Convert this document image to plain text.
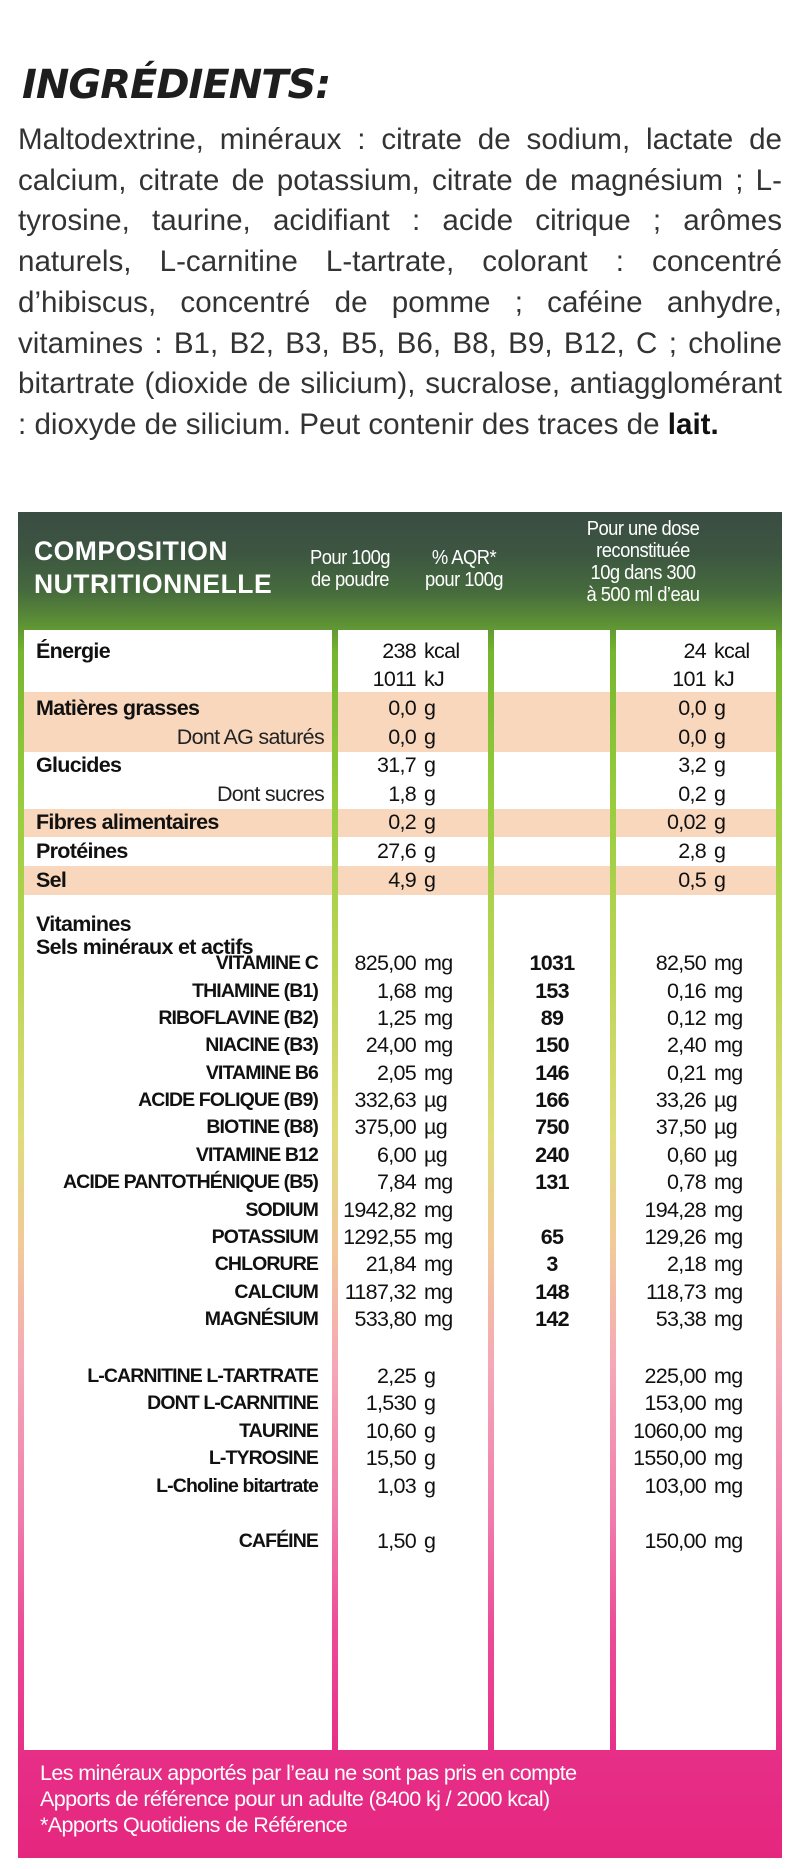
INGRÉDIENTS:

Maltodextrine, minéraux : citrate de sodium, lactate de calcium, citrate de potassium, citrate de magnésium ; L-tyrosine, taurine, acidifiant : acide citrique ; arômes naturels, L-carnitine L-tartrate, colorant : concentré d’hibiscus, concentré de pomme ; caféine anhydre, vitamines : B1, B2, B3, B5, B6, B8, B9, B12, C ; choline bitartrate (dioxide de silicium), sucralose, antiagglomérant : dioxyde de silicium. Peut contenir des traces de lait.

COMPOSITION
NUTRITIONNELLE
Pour 100g
de poudre
% AQR*
pour 100g
Pour une dose
reconstituée
10g dans 300
à 500 ml d’eau
Vitamines
Sels minéraux et actifs
Énergie
Matières grasses
Dont AG saturés
Glucides
Dont sucres
Fibres alimentaires
Protéines
Sel
VITAMINE C
THIAMINE (B1)
RIBOFLAVINE (B2)
NIACINE (B3)
VITAMINE B6
ACIDE FOLIQUE (B9)
BIOTINE (B8)
VITAMINE B12
ACIDE PANTOTHÉNIQUE (B5)
SODIUM
POTASSIUM
CHLORURE
CALCIUM
MAGNÉSIUM
L-CARNITINE L-TARTRATE
DONT L-CARNITINE
TAURINE
L-TYROSINE
L-Choline bitartrate
CAFÉINE
238 kcal
1011 kJ
0,0 g
0,0 g
31,7 g
1,8 g
0,2 g
27,6 g
4,9 g
825,00 mg
1,68 mg
1,25 mg
24,00 mg
2,05 mg
332,63 µg
375,00 µg
6,00 µg
7,84 mg
1942,82 mg
1292,55 mg
21,84 mg
1187,32 mg
533,80 mg
2,25 g
1,530 g
10,60 g
15,50 g
1,03 g
1,50 g
1031
153
89
150
146
166
750
240
131
65
3
148
142
24 kcal
101 kJ
0,0 g
0,0 g
3,2 g
0,2 g
0,02 g
2,8 g
0,5 g
82,50 mg
0,16 mg
0,12 mg
2,40 mg
0,21 mg
33,26 µg
37,50 µg
0,60 µg
0,78 mg
194,28 mg
129,26 mg
2,18 mg
118,73 mg
53,38 mg
225,00 mg
153,00 mg
1060,00 mg
1550,00 mg
103,00 mg
150,00 mg
Les minéraux apportés par l’eau ne sont pas pris en compte
Apports de référence pour un adulte (8400 kj / 2000 kcal)
*Apports Quotidiens de Référence
